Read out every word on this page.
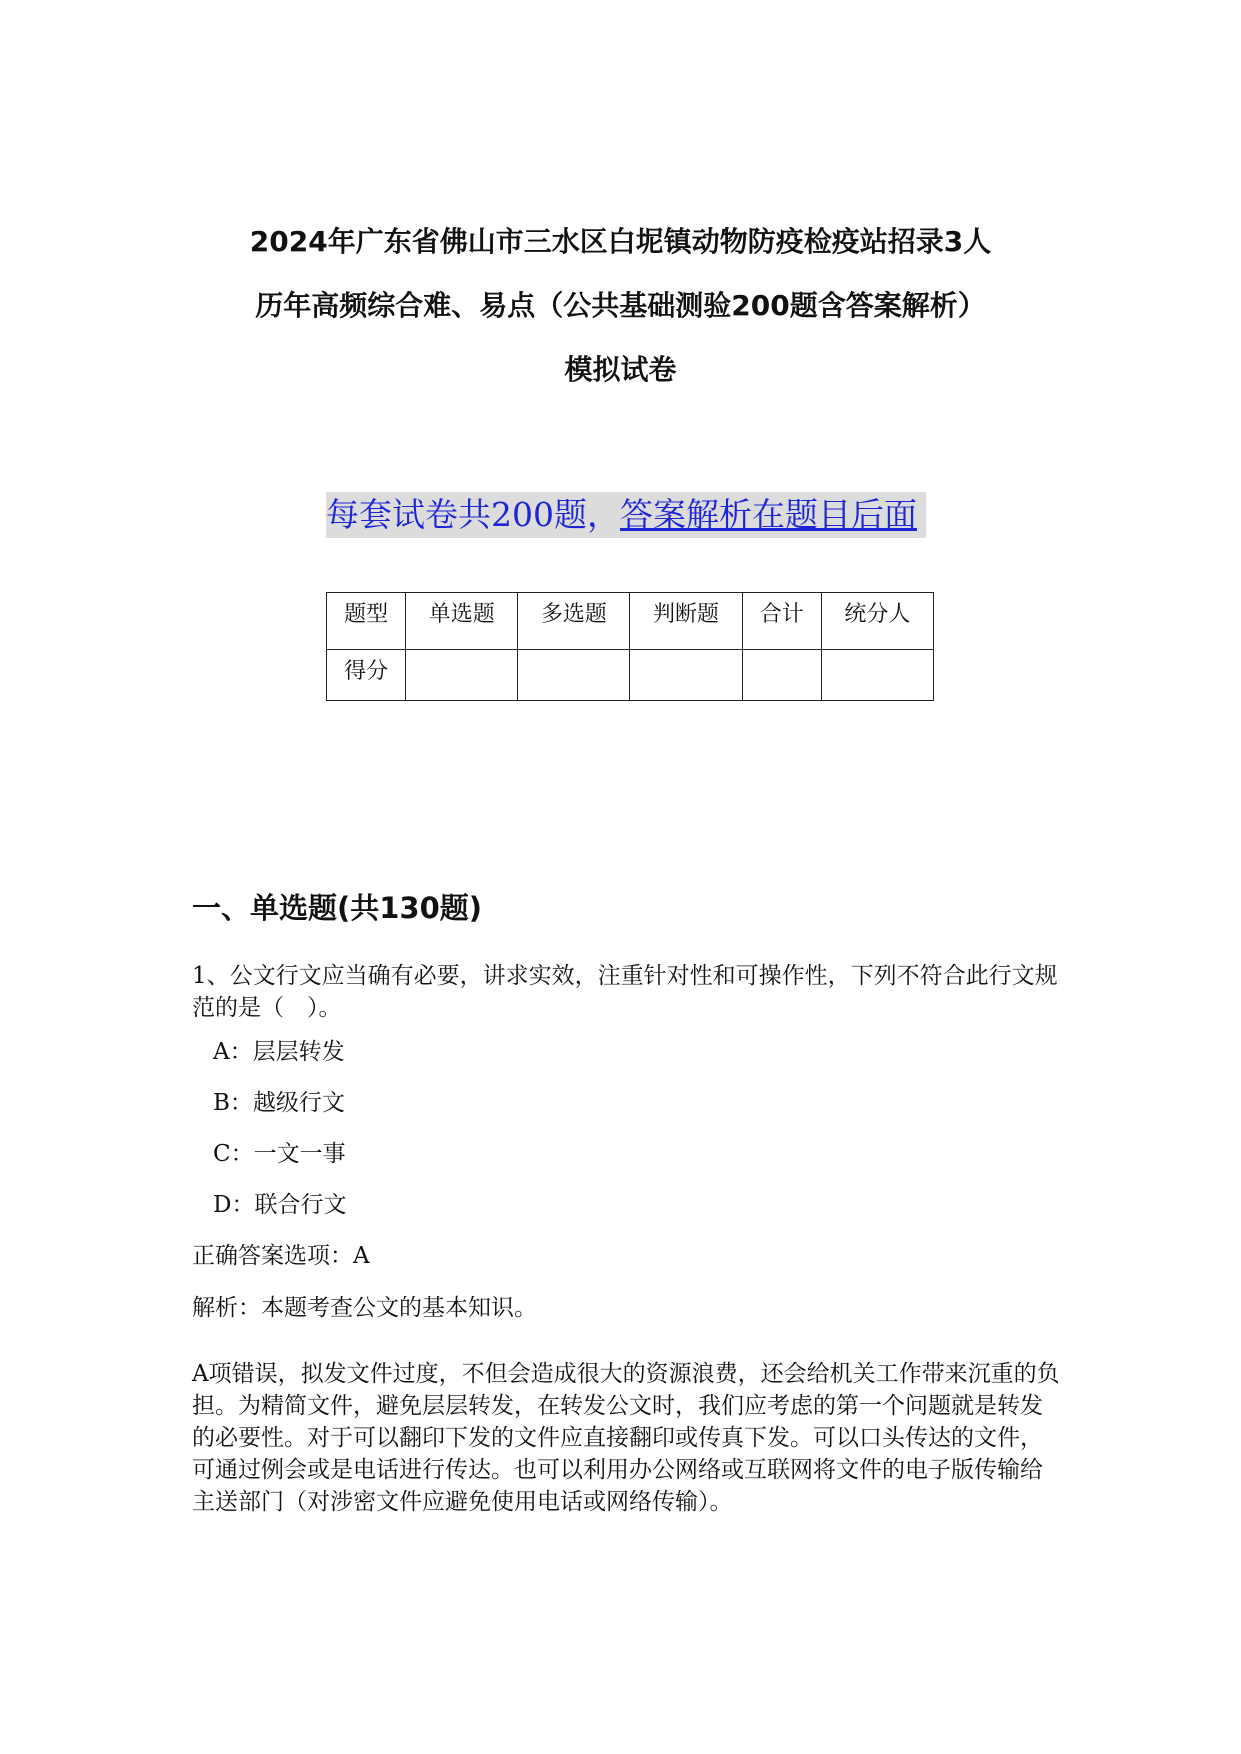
2024年广东省佛山市三水区白坭镇动物防疫检疫站招录3人
历年高频综合难、易点（公共基础测验200题含答案解析）
模拟试卷
每套试卷共200题，答案解析在题目后面
题型	单选题	多选题	判断题	合计	统分人
得分					
一、单选题(共130题)

1、公文行文应当确有必要，讲求实效，注重针对性和可操作性，下列不符合此行文规范的是（　）。

A：层层转发

B：越级行文

C：一文一事

D：联合行文

正确答案选项：A

解析：本题考查公文的基本知识。

A项错误，拟发文件过度，不但会造成很大的资源浪费，还会给机关工作带来沉重的负担。为精简文件，避免层层转发，在转发公文时，我们应考虑的第一个问题就是转发的必要性。对于可以翻印下发的文件应直接翻印或传真下发。可以口头传达的文件，可通过例会或是电话进行传达。也可以利用办公网络或互联网将文件的电子版传输给主送部门（对涉密文件应避免使用电话或网络传输）。
